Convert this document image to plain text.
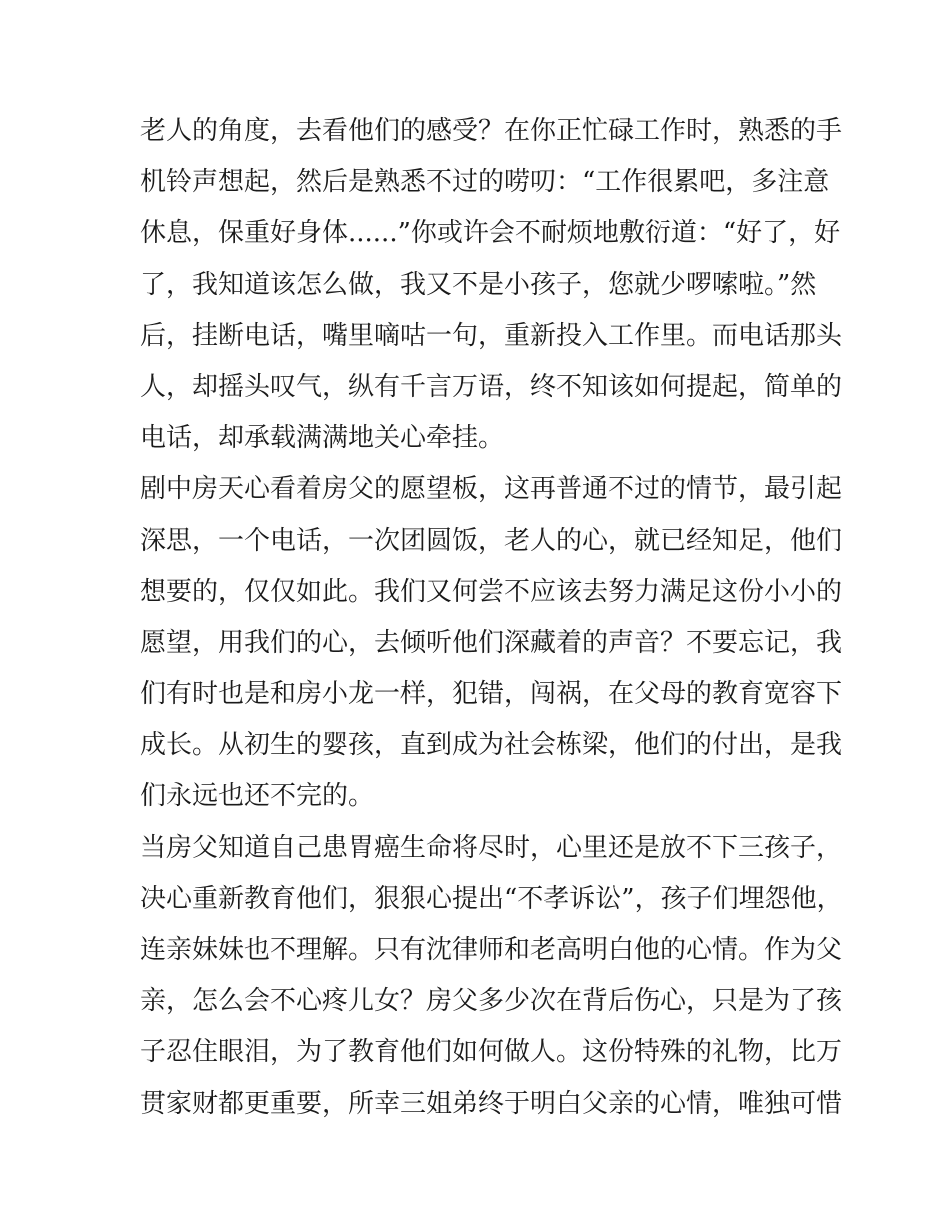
老人的角度，去看他们的感受？在你正忙碌工作时，熟悉的手
机铃声想起，然后是熟悉不过的唠叨：“工作很累吧，多注意
休息，保重好身体......”你或许会不耐烦地敷衍道：“好了，好
了，我知道该怎么做，我又不是小孩子，您就少啰嗦啦。”然
后，挂断电话，嘴里嘀咕一句，重新投入工作里。而电话那头
人，却摇头叹气，纵有千言万语，终不知该如何提起，简单的
电话，却承载满满地关心牵挂。
剧中房天心看着房父的愿望板，这再普通不过的情节，最引起
深思，一个电话，一次团圆饭，老人的心，就已经知足，他们
想要的，仅仅如此。我们又何尝不应该去努力满足这份小小的
愿望，用我们的心，去倾听他们深藏着的声音？不要忘记，我
们有时也是和房小龙一样，犯错，闯祸，在父母的教育宽容下
成长。从初生的婴孩，直到成为社会栋梁，他们的付出，是我
们永远也还不完的。
当房父知道自己患胃癌生命将尽时，心里还是放不下三孩子，
决心重新教育他们，狠狠心提出“不孝诉讼”，孩子们埋怨他，
连亲妹妹也不理解。只有沈律师和老高明白他的心情。作为父
亲，怎么会不心疼儿女？房父多少次在背后伤心，只是为了孩
子忍住眼泪，为了教育他们如何做人。这份特殊的礼物，比万
贯家财都更重要，所幸三姐弟终于明白父亲的心情，唯独可惜
